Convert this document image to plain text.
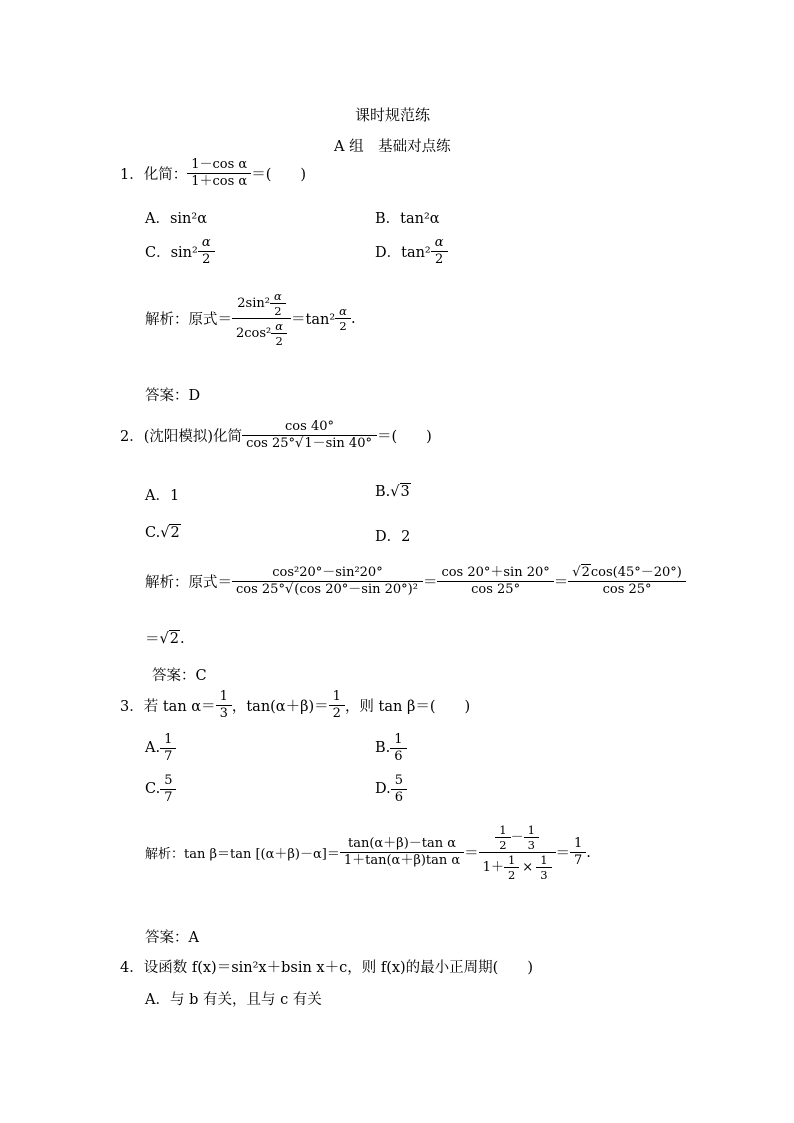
课时规范练
A 组　基础对点练
1． 化简： $\frac{\text{1－cos α}}{\text{1＋cos α}}$ ＝(　　)
A．sin²α	B．tan²α
C．$\sin^2 \frac{\alpha}{2}$	D．$\tan^2 \frac{\alpha}{2}$
解析：原式＝ $\frac{2\sin^2 \frac{\alpha}{2}}{2\cos^2 \frac{\alpha}{2}} =\tan^2 \frac{\alpha}{2}$ .
答案：D
2． (沈阳模拟)化简 $\frac{\cos 40^\circ}{\cos 25^\circ √1-\sin 40^\circ}$ ＝(　　)
A．1	B. √3
C. √2	D．2
解析：原式＝ $\frac{\text{cos²20°－sin²20°}}{\text{cos 25° √(cos 20°－sin 20°)²}} = \frac{\cos 20^\circ+\sin 20^\circ}{\cos 25^\circ} = \frac{√2 \cos(45^\circ-20^\circ)}{\cos 25^\circ}$
＝ √2 .
答案：C
3． 若 $\tan \alpha= \frac{1}{3}$ ，$\tan(\alpha+\beta)= \frac{1}{2}$ ，则 tan β＝(　　)
A. $\frac{1}{7}$	B. $\frac{1}{6}$
C. $\frac{5}{7}$	D. $\frac{5}{6}$
解析：tan β＝tan $[(\alpha+\beta)-\alpha]= \frac{\text{tan(α＋β)－tan α}}{\text{1＋tan(α＋β)tan α}}$ ＝
$\frac{1}{2} - \frac{1}{3}$
$1+ \frac{1}{2} \times \frac{1}{3} = \frac{1}{7}$ .
答案：A
4． 设函数 f(x)＝sin²x＋bsin x＋c，则 f(x)的最小正周期(　　)
A．与 b 有关，且与 c 有关
